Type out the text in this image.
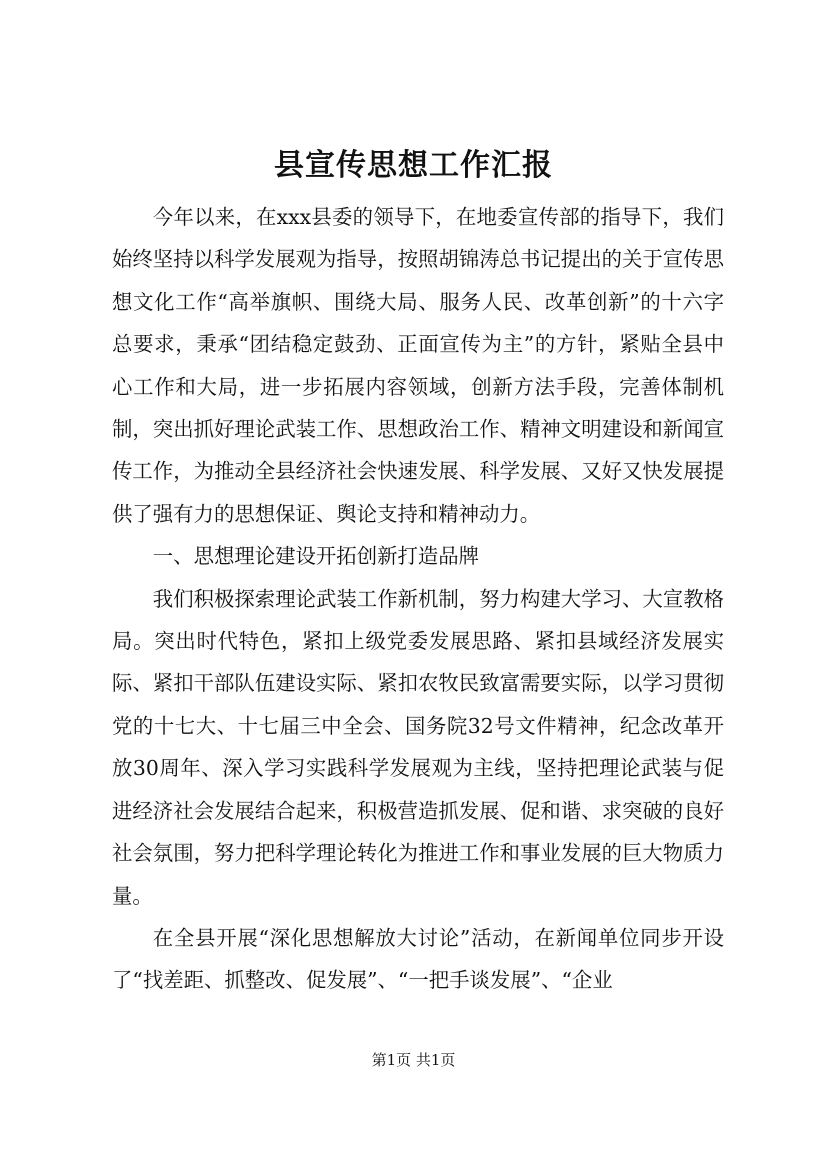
县宣传思想工作汇报

今年以来，在xxx县委的领导下，在地委宣传部的指导下，我们始终坚持以科学发展观为指导，按照胡锦涛总书记提出的关于宣传思想文化工作“高举旗帜、围绕大局、服务人民、改革创新”的十六字总要求，秉承“团结稳定鼓劲、正面宣传为主”的方针，紧贴全县中心工作和大局，进一步拓展内容领域，创新方法手段，完善体制机制，突出抓好理论武装工作、思想政治工作、精神文明建设和新闻宣传工作，为推动全县经济社会快速发展、科学发展、又好又快发展提供了强有力的思想保证、舆论支持和精神动力。

一、思想理论建设开拓创新打造品牌

我们积极探索理论武装工作新机制，努力构建大学习、大宣教格局。突出时代特色，紧扣上级党委发展思路、紧扣县域经济发展实际、紧扣干部队伍建设实际、紧扣农牧民致富需要实际，以学习贯彻党的十七大、十七届三中全会、国务院32号文件精神，纪念改革开放30周年、深入学习实践科学发展观为主线，坚持把理论武装与促进经济社会发展结合起来，积极营造抓发展、促和谐、求突破的良好社会氛围，努力把科学理论转化为推进工作和事业发展的巨大物质力量。

在全县开展“深化思想解放大讨论”活动，在新闻单位同步开设了“找差距、抓整改、促发展”、“一把手谈发展”、“企业

第1页 共1页
